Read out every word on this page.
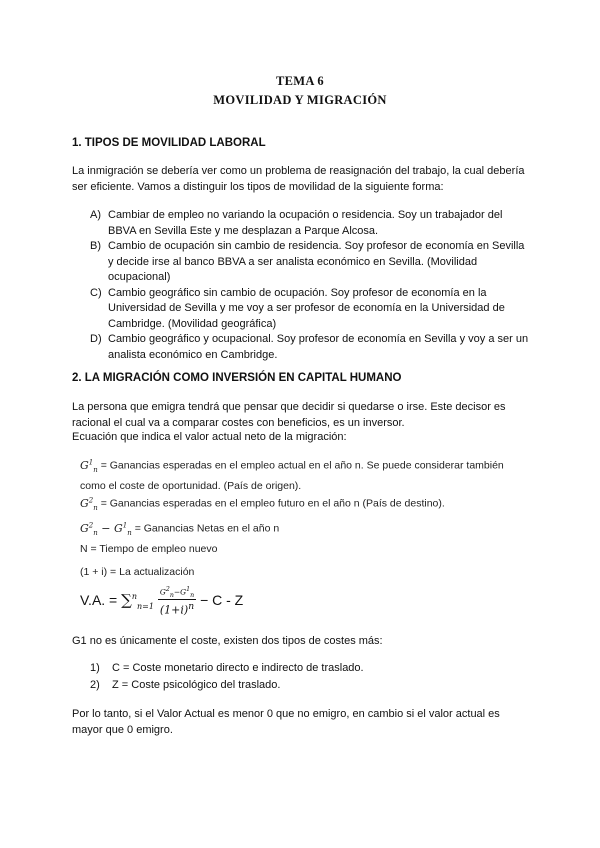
TEMA 6
MOVILIDAD Y MIGRACIÓN
1. TIPOS DE MOVILIDAD LABORAL
La inmigración se debería ver como un problema de reasignación del trabajo, la cual debería ser eficiente. Vamos a distinguir los tipos de movilidad de la siguiente forma:
A) Cambiar de empleo no variando la ocupación o residencia. Soy un trabajador del BBVA en Sevilla Este y me desplazan a Parque Alcosa.
B) Cambio de ocupación sin cambio de residencia. Soy profesor de economía en Sevilla y decide irse al banco BBVA a ser analista económico en Sevilla. (Movilidad ocupacional)
C) Cambio geográfico sin cambio de ocupación. Soy profesor de economía en la Universidad de Sevilla y me voy a ser profesor de economía en la Universidad de Cambridge. (Movilidad geográfica)
D) Cambio geográfico y ocupacional. Soy profesor de economía en Sevilla y voy a ser un analista económico en Cambridge.
2. LA MIGRACIÓN COMO INVERSIÓN EN CAPITAL HUMANO
La persona que emigra tendrá que pensar que decidir si quedarse o irse. Este decisor es racional el cual va a comparar costes con beneficios, es un inversor.
Ecuación que indica el valor actual neto de la migración:
$G^1_n$ = Ganancias esperadas en el empleo actual en el año n. Se puede considerar también como el coste de oportunidad. (País de origen).
$G^2_n$ = Ganancias esperadas en el empleo futuro en el año n (País de destino).
$G^2_n - G^1_n$ = Ganancias Netas en el año n
N = Tiempo de empleo nuevo
(1 + i) = La actualización
V.A. = $\sum^n_{n=1} \frac{G^2_n-G^1_n}{(1+i)^n} - C - Z$
G1 no es únicamente el coste, existen dos tipos de costes más:
1) C = Coste monetario directo e indirecto de traslado.
2) Z = Coste psicológico del traslado.
Por lo tanto, si el Valor Actual es menor 0 que no emigro, en cambio si el valor actual es mayor que 0 emigro.
